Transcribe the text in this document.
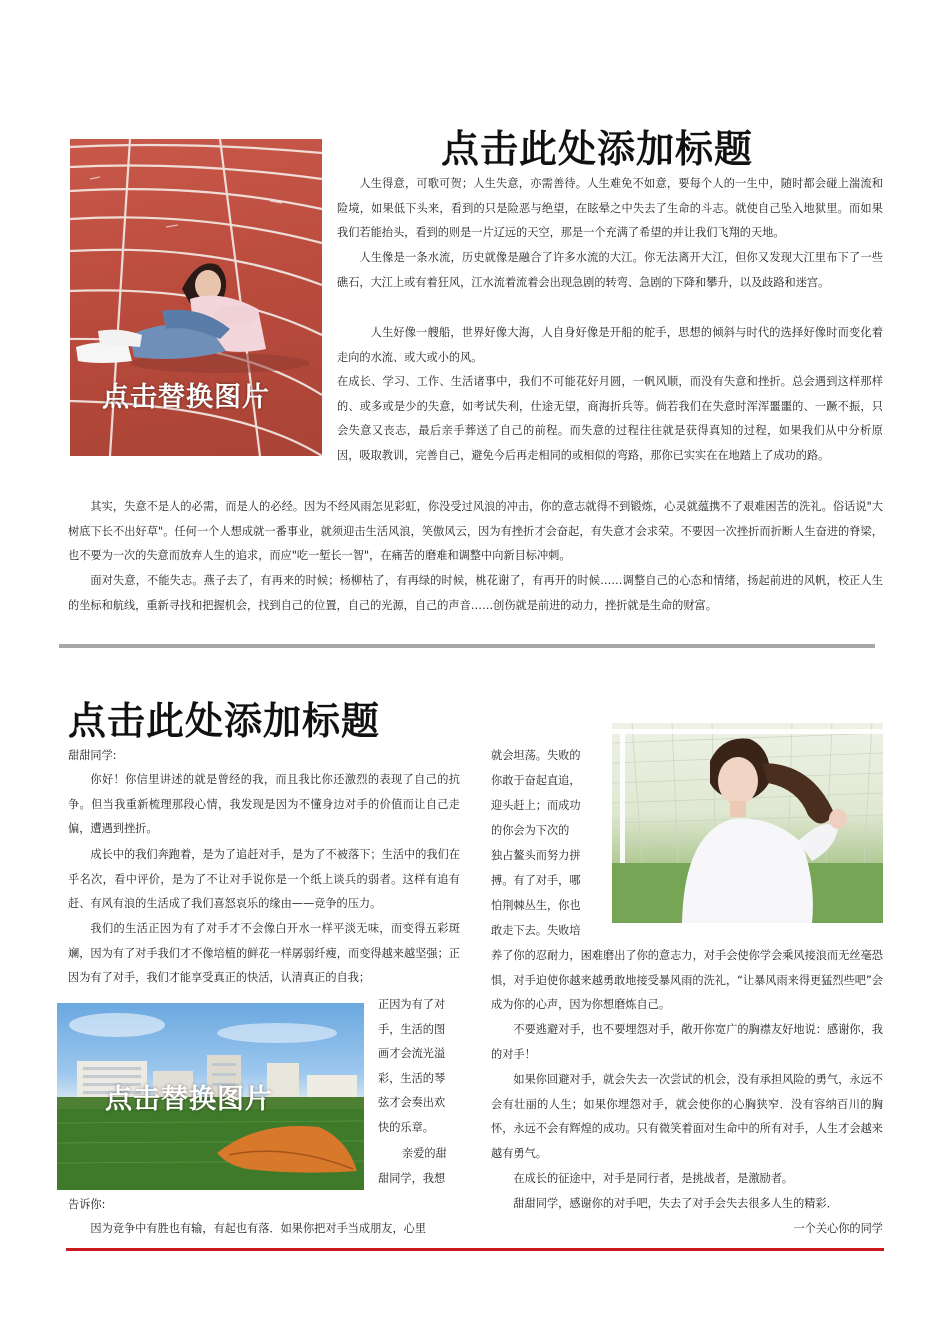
点击此处添加标题
点击替换图片
人生得意，可歌可贺；人生失意，亦需善待。人生难免不如意，要每个人的一生中，随时都会碰上湍流和险境，如果低下头来，看到的只是险恶与绝望，在眩晕之中失去了生命的斗志。就使自己坠入地狱里。而如果我们若能抬头，看到的则是一片辽远的天空，那是一个充满了希望的并让我们飞翔的天地。
人生像是一条水流，历史就像是融合了许多水流的大江。你无法离开大江，但你又发现大江里布下了一些礁石，大江上或有着狂风，江水流着流着会出现急剧的转弯、急剧的下降和攀升，以及歧路和迷宫。
人生好像一艘船，世界好像大海，人自身好像是开船的舵手，思想的倾斜与时代的选择好像时而变化着走向的水流、或大或小的风。
在成长、学习、工作、生活诸事中，我们不可能花好月圆，一帆风顺，而没有失意和挫折。总会遇到这样那样的、或多或是少的失意，如考试失利，仕途无望，商海折兵等。倘若我们在失意时浑浑噩噩的、一蹶不振，只会失意又丧志，最后亲手葬送了自己的前程。而失意的过程往往就是获得真知的过程，如果我们从中分析原因，吸取教训，完善自己，避免今后再走相同的或相似的弯路，那你已实实在在地踏上了成功的路。
其实，失意不是人的必需，而是人的必经。因为不经风雨怎见彩虹，你没受过风浪的冲击，你的意志就得不到锻炼，心灵就蕴携不了艰难困苦的洗礼。俗话说"大树底下长不出好草"。任何一个人想成就一番事业，就须迎击生活风浪，笑傲风云，因为有挫折才会奋起，有失意才会求荣。不要因一次挫折而折断人生奋进的脊梁，也不要为一次的失意而放弃人生的追求，而应"吃一堑长一智"，在痛苦的磨难和调整中向新目标冲刺。
面对失意，不能失志。燕子去了，有再来的时候；杨柳枯了，有再绿的时候，桃花谢了，有再开的时候……调整自己的心态和情绪，扬起前进的风帆，校正人生的坐标和航线，重新寻找和把握机会，找到自己的位置，自己的光源，自己的声音……创伤就是前进的动力，挫折就是生命的财富。
点击此处添加标题
甜甜同学:
你好！你信里讲述的就是曾经的我，而且我比你还激烈的表现了自己的抗争。但当我重新梳理那段心情，我发现是因为不懂身边对手的价值而让自己走偏，遭遇到挫折。
成长中的我们奔跑着，是为了追赶对手，是为了不被落下；生活中的我们在乎名次，看中评价，是为了不让对手说你是一个纸上谈兵的弱者。这样有追有赶、有风有浪的生活成了我们喜怒哀乐的缘由——竞争的压力。
我们的生活正因为有了对手才不会像白开水一样平淡无味，而变得五彩斑斓，因为有了对手我们才不像培植的鲜花一样孱弱纤瘦，而变得越来越坚强；正因为有了对手，我们才能享受真正的快活，认清真正的自我；
点击替换图片
正因为有了对
手，生活的图
画才会流光溢
彩，生活的琴
弦才会奏出欢
快的乐章。
亲爱的甜
甜同学，我想
告诉你:
因为竞争中有胜也有输，有起也有落．如果你把对手当成朋友，心里
就会坦荡。失败的
你敢于奋起直追，
迎头赶上；而成功
的你会为下次的
独占鳌头而努力拼
搏。有了对手，哪
怕荆棘丛生，你也
敢走下去。失败培
养了你的忍耐力，困难磨出了你的意志力，对手会使你学会乘风接浪而无丝毫恐惧，对手迫使你越来越勇敢地接受暴风雨的洗礼，“让暴风雨来得更猛烈些吧”会成为你的心声，因为你想磨炼自己。
不要逃避对手，也不要埋怨对手，敞开你宽广的胸襟友好地说：感谢你，我的对手！
如果你回避对手，就会失去一次尝试的机会，没有承担风险的勇气，永远不会有壮丽的人生；如果你埋怨对手，就会使你的心胸狭窄．没有容纳百川的胸怀，永远不会有辉煌的成功。只有微笑着面对生命中的所有对手，人生才会越来越有勇气。
在成长的征途中，对手是同行者，是挑战者，是激励者。
甜甜同学，感谢你的对手吧，失去了对手会失去很多人生的精彩．
一个关心你的同学
